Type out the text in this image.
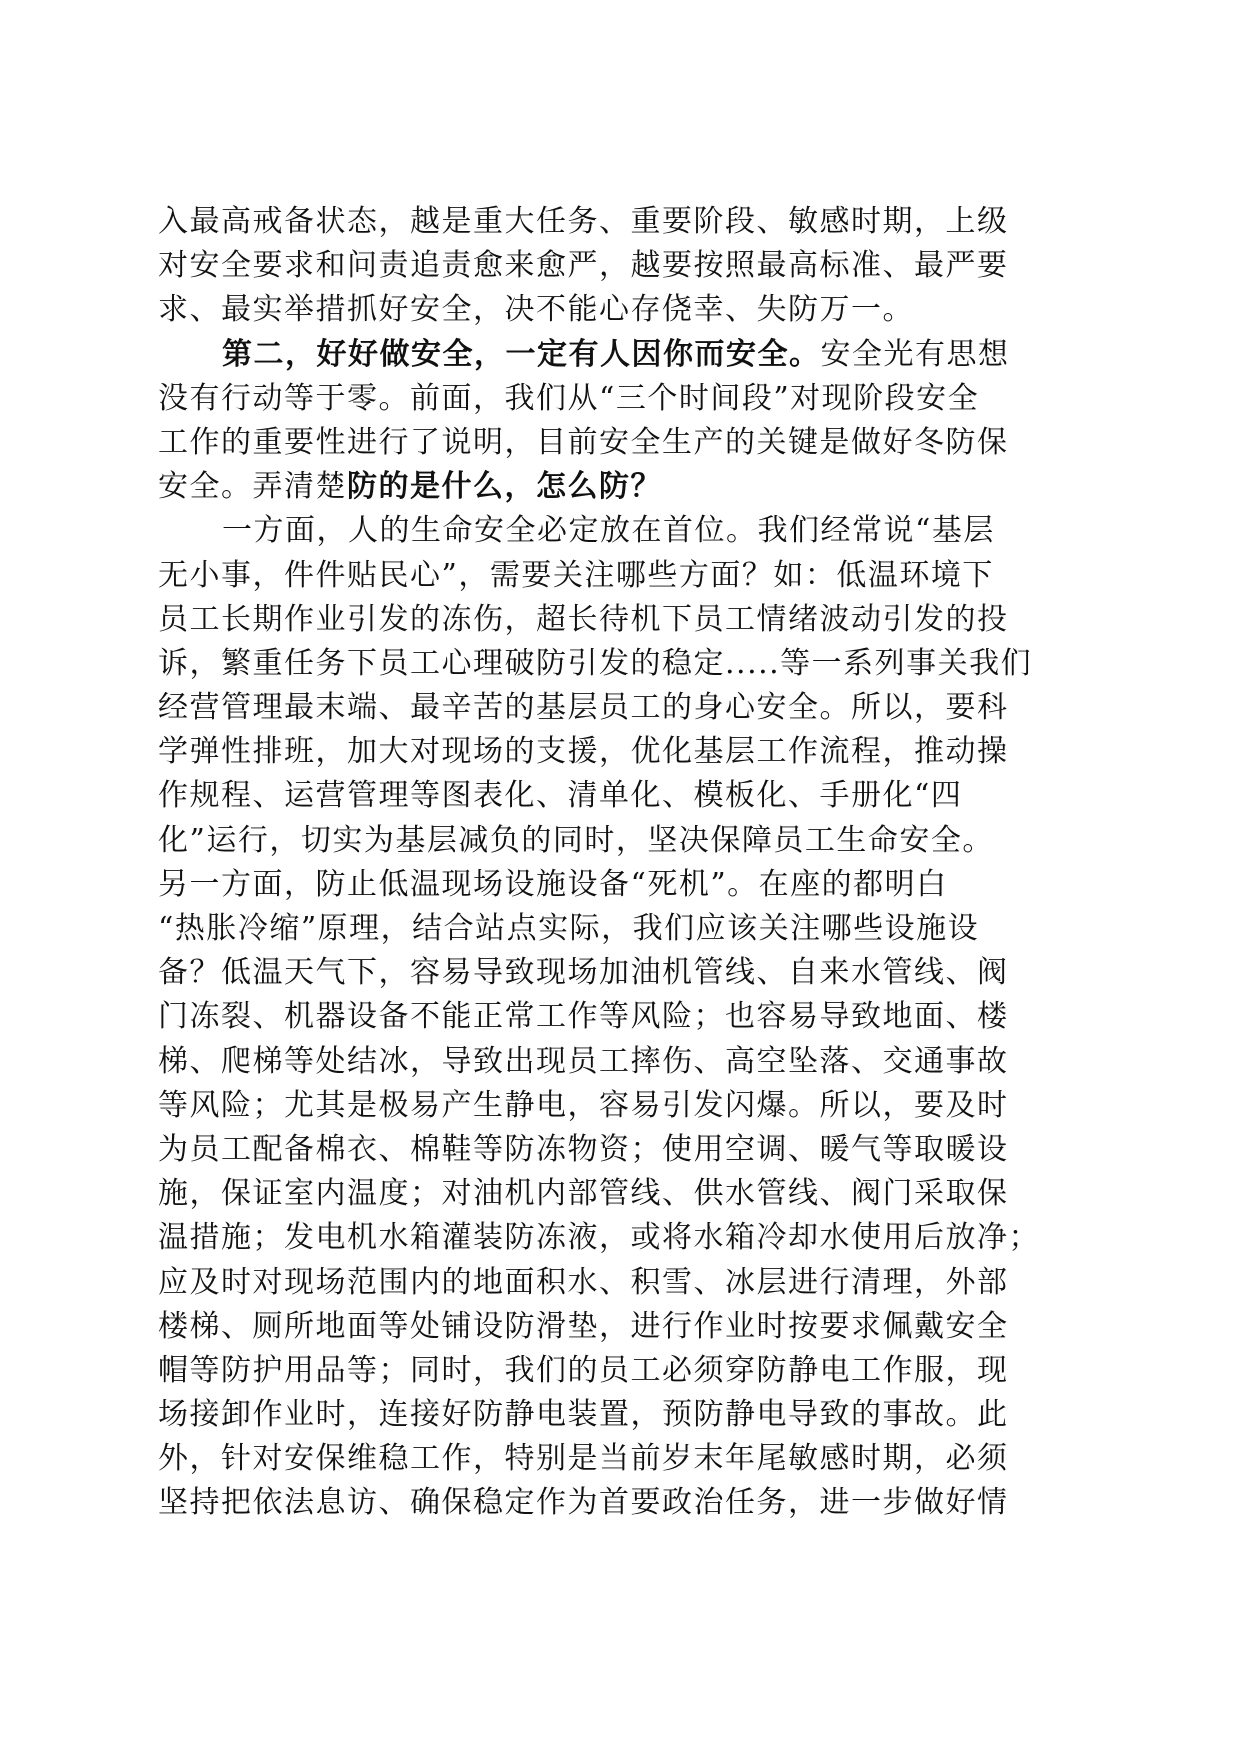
入最高戒备状态，越是重大任务、重要阶段、敏感时期，上级
对安全要求和问责追责愈来愈严，越要按照最高标准、最严要
求、最实举措抓好安全，决不能心存侥幸、失防万一。
第二，好好做安全，一定有人因你而安全。安全光有思想
没有行动等于零。前面，我们从“三个时间段”对现阶段安全
工作的重要性进行了说明，目前安全生产的关键是做好冬防保
安全。弄清楚防的是什么，怎么防？
一方面，人的生命安全必定放在首位。我们经常说“基层
无小事，件件贴民心”，需要关注哪些方面？如：低温环境下
员工长期作业引发的冻伤，超长待机下员工情绪波动引发的投
诉，繁重任务下员工心理破防引发的稳定.....等一系列事关我们
经营管理最末端、最辛苦的基层员工的身心安全。所以，要科
学弹性排班，加大对现场的支援，优化基层工作流程，推动操
作规程、运营管理等图表化、清单化、模板化、手册化“四
化”运行，切实为基层减负的同时，坚决保障员工生命安全。
另一方面，防止低温现场设施设备“死机”。在座的都明白
“热胀冷缩”原理，结合站点实际，我们应该关注哪些设施设
备？低温天气下，容易导致现场加油机管线、自来水管线、阀
门冻裂、机器设备不能正常工作等风险；也容易导致地面、楼
梯、爬梯等处结冰，导致出现员工摔伤、高空坠落、交通事故
等风险；尤其是极易产生静电，容易引发闪爆。所以，要及时
为员工配备棉衣、棉鞋等防冻物资；使用空调、暖气等取暖设
施，保证室内温度；对油机内部管线、供水管线、阀门采取保
温措施；发电机水箱灌装防冻液，或将水箱冷却水使用后放净；
应及时对现场范围内的地面积水、积雪、冰层进行清理，外部
楼梯、厕所地面等处铺设防滑垫，进行作业时按要求佩戴安全
帽等防护用品等；同时，我们的员工必须穿防静电工作服，现
场接卸作业时，连接好防静电装置，预防静电导致的事故。此
外，针对安保维稳工作，特别是当前岁末年尾敏感时期，必须
坚持把依法息访、确保稳定作为首要政治任务，进一步做好情
